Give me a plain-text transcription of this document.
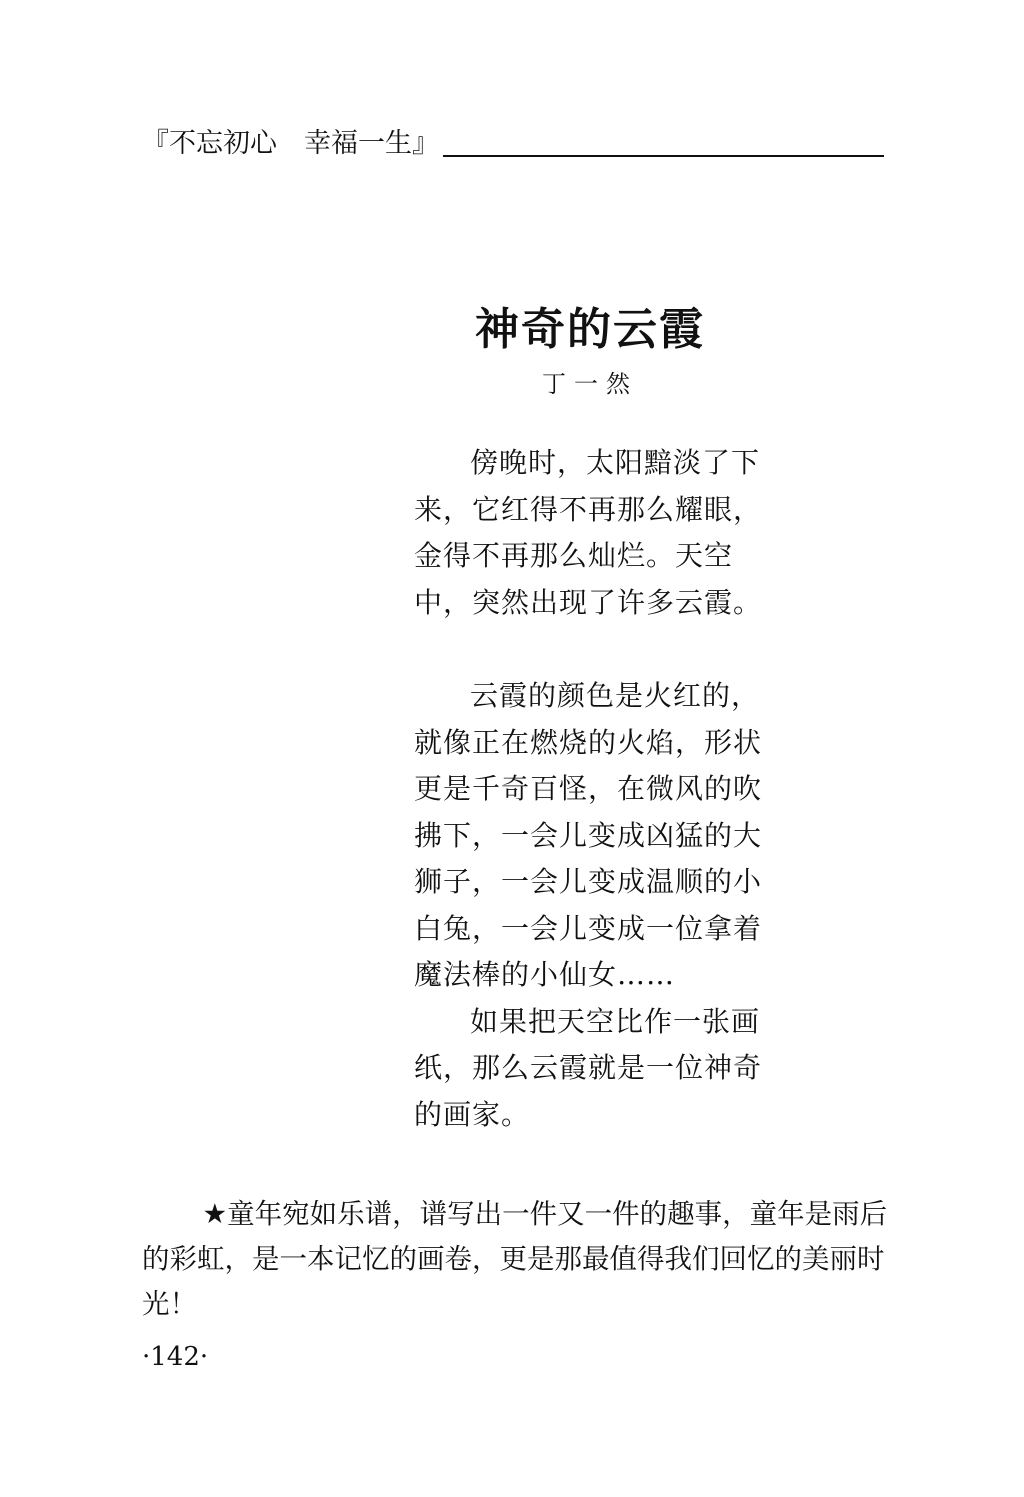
『不忘初心　幸福一生』
神奇的云霞
丁一然

傍晚时，太阳黯淡了下来，它红得不再那么耀眼，金得不再那么灿烂。天空中，突然出现了许多云霞。

云霞的颜色是火红的，就像正在燃烧的火焰，形状更是千奇百怪，在微风的吹拂下，一会儿变成凶猛的大狮子，一会儿变成温顺的小白兔，一会儿变成一位拿着魔法棒的小仙女……

如果把天空比作一张画纸，那么云霞就是一位神奇的画家。

★童年宛如乐谱，谱写出一件又一件的趣事，童年是雨后的彩虹，是一本记忆的画卷，更是那最值得我们回忆的美丽时光！

·142·
